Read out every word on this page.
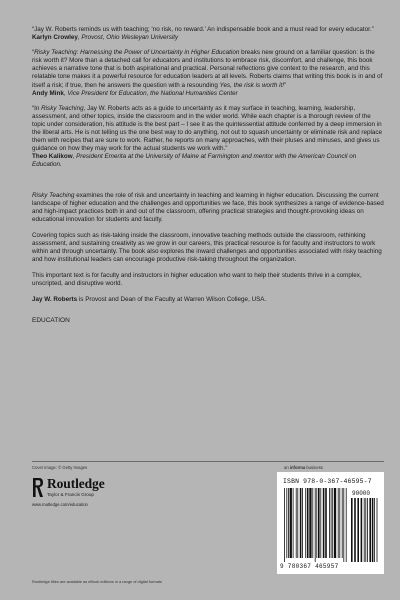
“Jay W. Roberts reminds us with teaching; ‘no risk, no reward.’ An indispensable book and a must read for every educator.”
Karlyn Crowley, Provost, Ohio Wesleyan University
“Risky Teaching: Harnessing the Power of Uncertainty in Higher Education breaks new ground on a familiar question: is the risk worth it? More than a detached call for educators and institutions to embrace risk, discomfort, and challenge, this book achieves a narrative tone that is both aspirational and practical. Personal reflections give context to the research, and this relatable tone makes it a powerful resource for education leaders at all levels. Roberts claims that writing this book is in and of itself a risk; if true, then he answers the question with a resounding Yes, the risk is worth it!”
Andy Mink, Vice President for Education, the National Humanities Center
“In Risky Teaching, Jay W. Roberts acts as a guide to uncertainty as it may surface in teaching, learning, leadership, assessment, and other topics, inside the classroom and in the wider world. While each chapter is a thorough review of the topic under consideration, his attitude is the best part – I see it as the quintessential attitude conferred by a deep immersion in the liberal arts. He is not telling us the one best way to do anything, not out to squash uncertainty or eliminate risk and replace them with recipes that are sure to work. Rather, he reports on many approaches, with their pluses and minuses, and gives us guidance on how they may work for the actual students we work with.”
Theo Kalikow, President Emerita at the University of Maine at Farmington and mentor with the American Council on Education.

Risky Teaching examines the role of risk and uncertainty in teaching and learning in higher education. Discussing the current landscape of higher education and the challenges and opportunities we face, this book synthesizes a range of evidence-based and high-impact practices both in and out of the classroom, offering practical strategies and thought-provoking ideas on educational innovation for students and faculty.

Covering topics such as risk-taking inside the classroom, innovative teaching methods outside the classroom, rethinking assessment, and sustaining creativity as we grow in our careers, this practical resource is for faculty and instructors to work within and through uncertainty. The book also explores the inward challenges and opportunities associated with risky teaching and how institutional leaders can encourage productive risk-taking throughout the organization.

This important text is for faculty and instructors in higher education who want to help their students thrive in a complex, unscripted, and disruptive world.

Jay W. Roberts is Provost and Dean of the Faculty at Warren Wilson College, USA.
EDUCATION
Cover image: © Getty Images	an informa business
Routledge
Taylor & Francis Group
www.routledge.com/education
ISBN 978-0-367-46595-7
90000
9 780367 465957
Routledge titles are available as eBook editions in a range of digital formats
